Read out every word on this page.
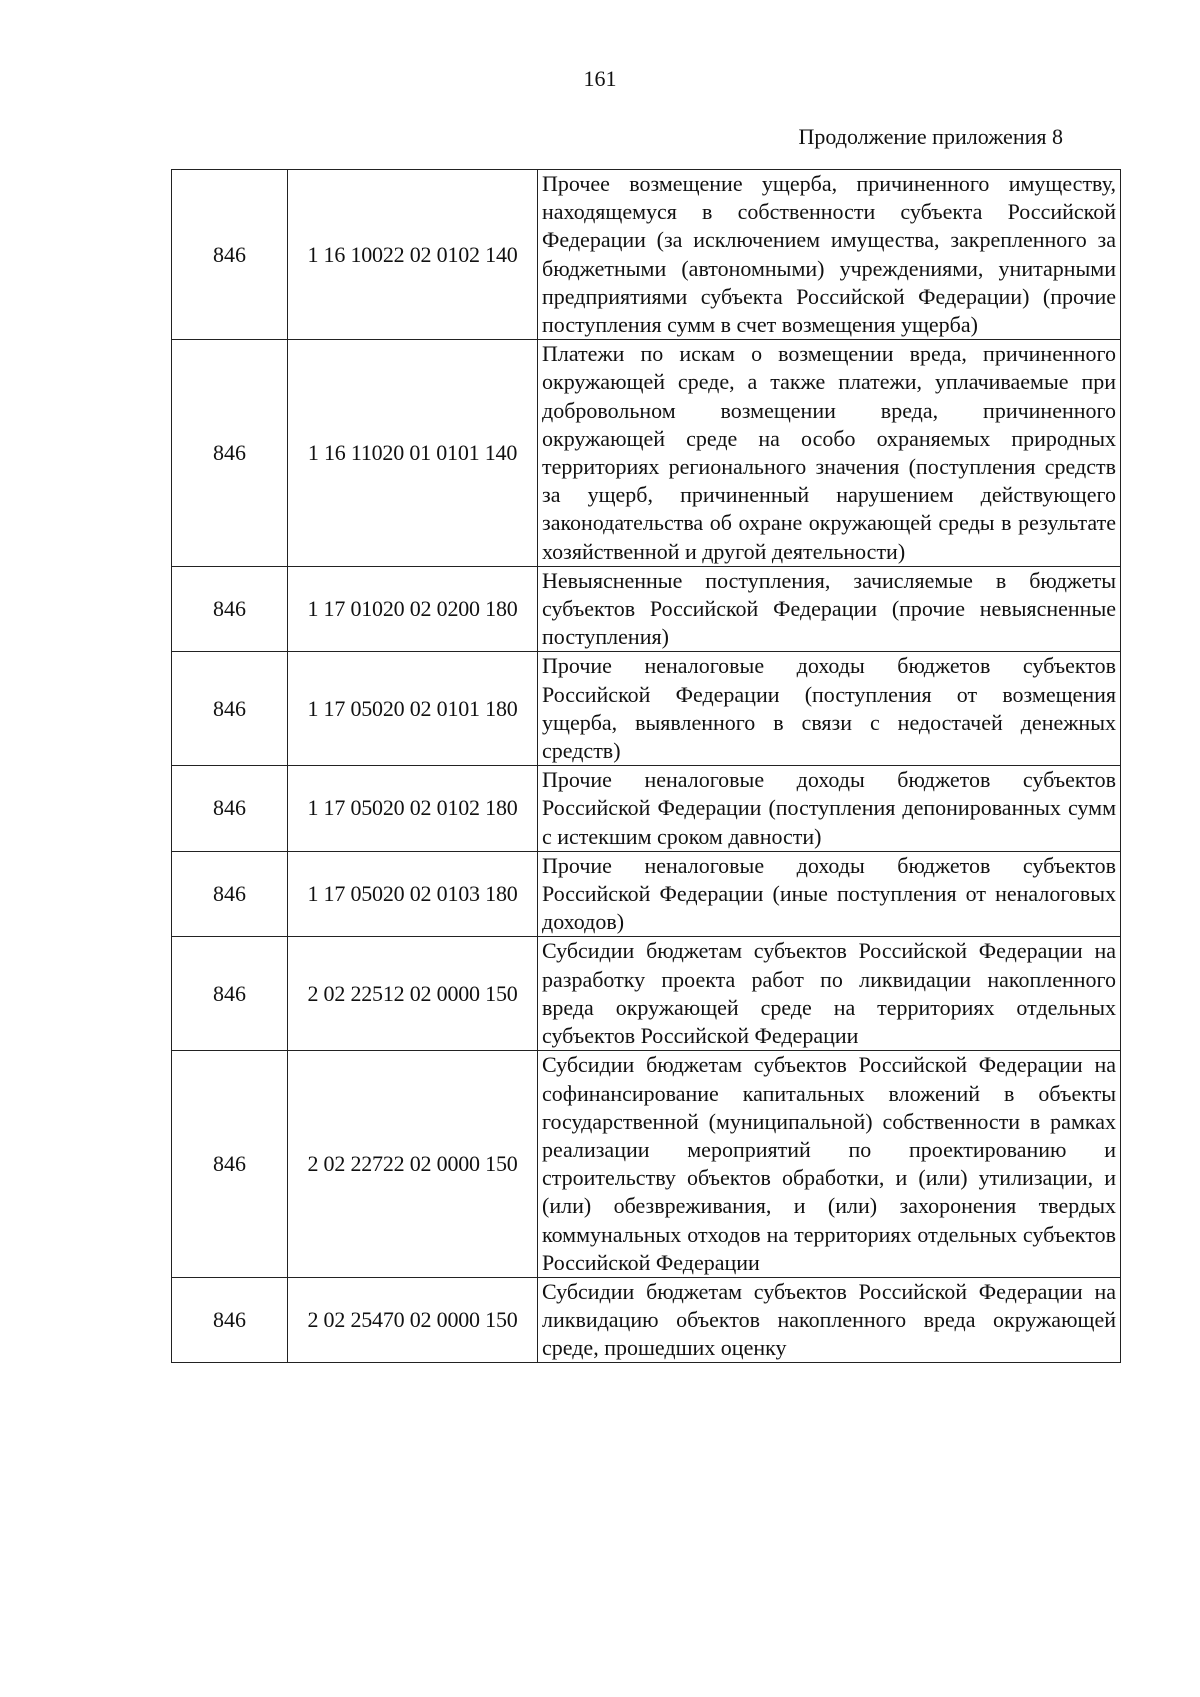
161
Продолжение приложения 8
846	1 16 10022 02 0102 140	Прочее возмещение ущерба, причиненного имуществу, находящемуся в собственности субъекта Российской Федерации (за исключением имущества, закрепленного за бюджетными (автономными) учреждениями, унитарными предприятиями субъекта Российской Федерации) (прочие поступления сумм в счет возмещения ущерба)
846	1 16 11020 01 0101 140	Платежи по искам о возмещении вреда, причиненного окружающей среде, а также платежи, уплачиваемые при добровольном возмещении вреда, причиненного окружающей среде на особо охраняемых природных территориях регионального значения (поступления средств за ущерб, причиненный нарушением действующего законодательства об охране окружающей среды в результате хозяйственной и другой деятельности)
846	1 17 01020 02 0200 180	Невыясненные поступления, зачисляемые в бюджеты субъектов Российской Федерации (прочие невыясненные поступления)
846	1 17 05020 02 0101 180	Прочие неналоговые доходы бюджетов субъектов Российской Федерации (поступления от возмещения ущерба, выявленного в связи с недостачей денежных средств)
846	1 17 05020 02 0102 180	Прочие неналоговые доходы бюджетов субъектов Российской Федерации (поступления депонированных сумм с истекшим сроком давности)
846	1 17 05020 02 0103 180	Прочие неналоговые доходы бюджетов субъектов Российской Федерации (иные поступления от неналоговых доходов)
846	2 02 22512 02 0000 150	Субсидии бюджетам субъектов Российской Федерации на разработку проекта работ по ликвидации накопленного вреда окружающей среде на территориях отдельных субъектов Российской Федерации
846	2 02 22722 02 0000 150	Субсидии бюджетам субъектов Российской Федерации на софинансирование капитальных вложений в объекты государственной (муниципальной) собственности в рамках реализации мероприятий по проектированию и строительству объектов обработки, и (или) утилизации, и (или) обезвреживания, и (или) захоронения твердых коммунальных отходов на территориях отдельных субъектов Российской Федерации
846	2 02 25470 02 0000 150	Субсидии бюджетам субъектов Российской Федерации на ликвидацию объектов накопленного вреда окружающей среде, прошедших оценку
